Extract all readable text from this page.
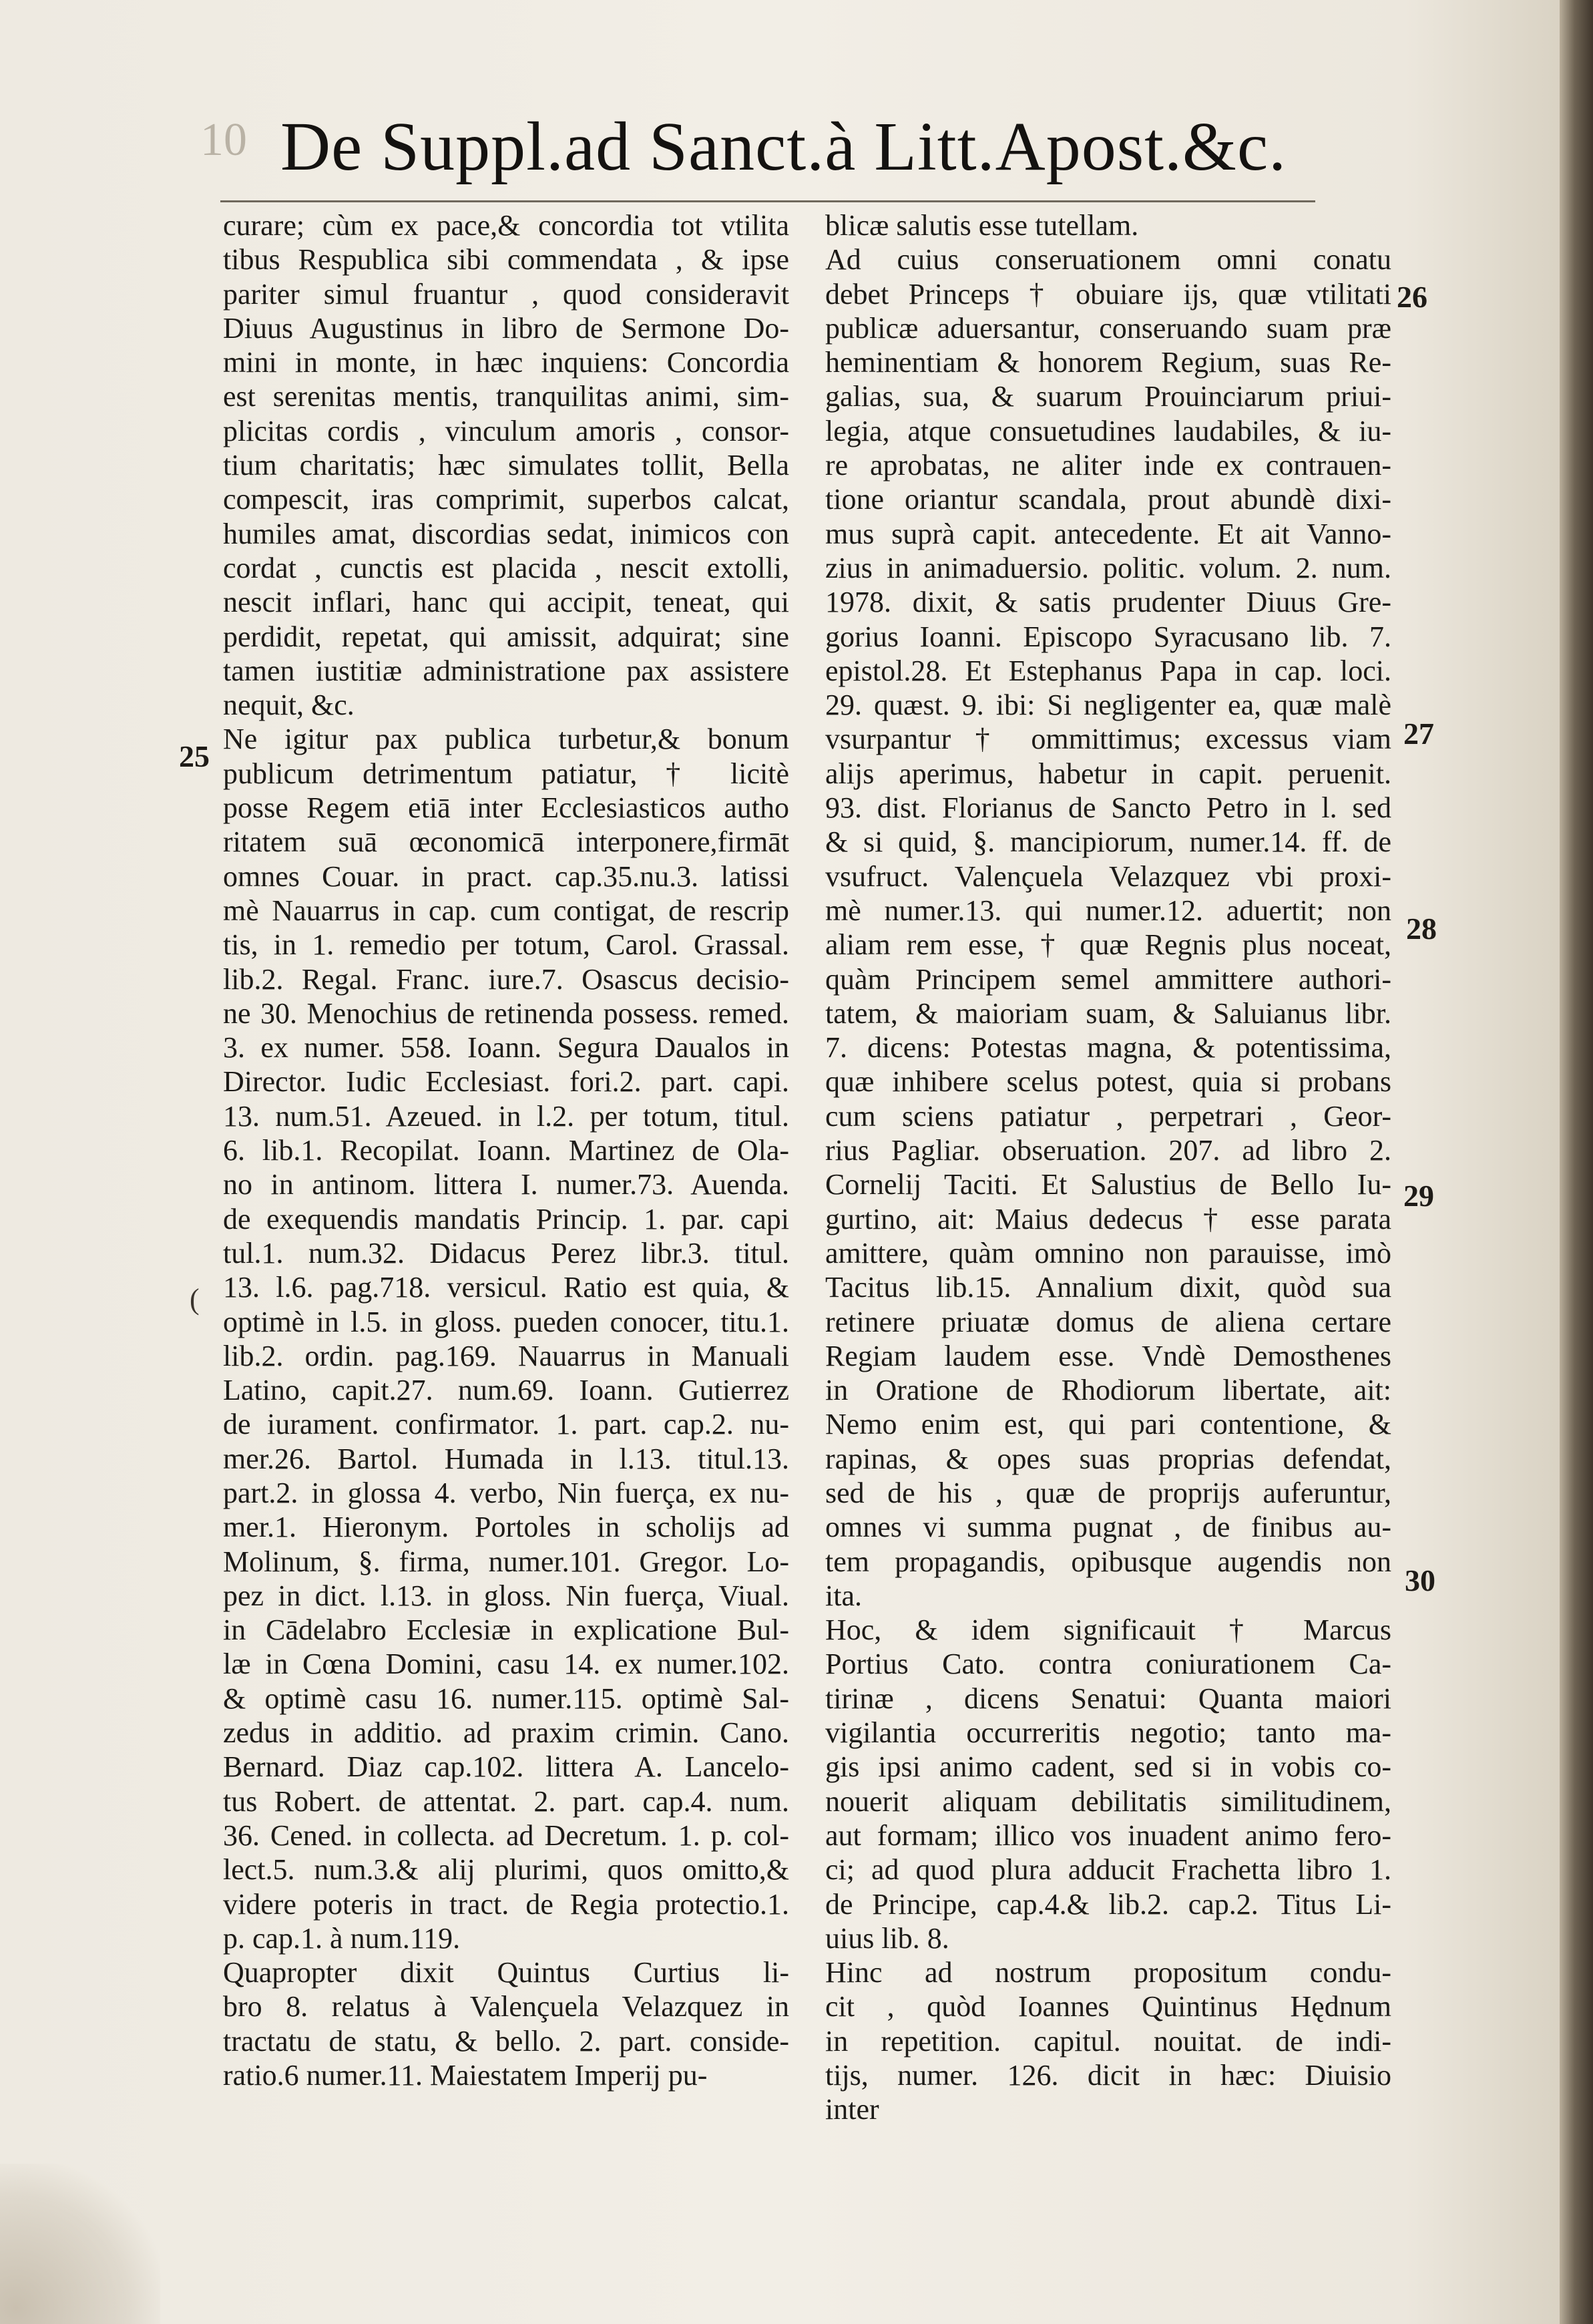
10 De Suppl.ad Sanct.à Litt.Apost.&c.
curare; cùm ex pace,& concordia tot vtilita
tibus Respublica sibi commendata , & ipse
pariter simul fruantur , quod consideravit
Diuus Augustinus in libro de Sermone Do-
mini in monte, in hæc inquiens: Concordia
est serenitas mentis, tranquilitas animi, sim-
plicitas cordis , vinculum amoris , consor-
tium charitatis; hæc simulates tollit, Bella
compescit, iras comprimit, superbos calcat,
humiles amat, discordias sedat, inimicos con
cordat , cunctis est placida , nescit extolli,
nescit inflari, hanc qui accipit, teneat, qui
perdidit, repetat, qui amissit, adquirat; sine
tamen iustitiæ administratione pax assistere
nequit, &c.
Ne igitur pax publica turbetur,& bonum
publicum detrimentum patiatur, † licitè
posse Regem etiā inter Ecclesiasticos autho
ritatem suā œconomicā interponere,firmāt
omnes Couar. in pract. cap.35.nu.3. latissi
mè Nauarrus in cap. cum contigat, de rescrip
tis, in 1. remedio per totum, Carol. Grassal.
lib.2. Regal. Franc. iure.7. Osascus decisio-
ne 30. Menochius de retinenda possess. remed.
3. ex numer. 558. Ioann. Segura Daualos in
Director. Iudic Ecclesiast. fori.2. part. capi.
13. num.51. Azeued. in l.2. per totum, titul.
6. lib.1. Recopilat. Ioann. Martinez de Ola-
no in antinom. littera I. numer.73. Auenda.
de exequendis mandatis Princip. 1. par. capi
tul.1. num.32. Didacus Perez libr.3. titul.
13. l.6. pag.718. versicul. Ratio est quia, &
optimè in l.5. in gloss. pueden conocer, titu.1.
lib.2. ordin. pag.169. Nauarrus in Manuali
Latino, capit.27. num.69. Ioann. Gutierrez
de iurament. confirmator. 1. part. cap.2. nu-
mer.26. Bartol. Humada in l.13. titul.13.
part.2. in glossa 4. verbo, Nin fuerça, ex nu-
mer.1. Hieronym. Portoles in scholijs ad
Molinum, §. firma, numer.101. Gregor. Lo-
pez in dict. l.13. in gloss. Nin fuerça, Viual.
in Cādelabro Ecclesiæ in explicatione Bul-
læ in Cœna Domini, casu 14. ex numer.102.
& optimè casu 16. numer.115. optimè Sal-
zedus in additio. ad praxim crimin. Cano.
Bernard. Diaz cap.102. littera A. Lancelo-
tus Robert. de attentat. 2. part. cap.4. num.
36. Cened. in collecta. ad Decretum. 1. p. col-
lect.5. num.3.& alij plurimi, quos omitto,&
videre poteris in tract. de Regia protectio.1.
p. cap.1. à num.119.
Quapropter dixit Quintus Curtius li-
bro 8. relatus à Valençuela Velazquez in
tractatu de statu, & bello. 2. part. conside-
ratio.6 numer.11. Maiestatem Imperij pu-
blicæ salutis esse tutellam.
Ad cuius conseruationem omni conatu
debet Princeps † obuiare ijs, quæ vtilitati
publicæ aduersantur, conseruando suam præ
heminentiam & honorem Regium, suas Re-
galias, sua, & suarum Prouinciarum priui-
legia, atque consuetudines laudabiles, & iu-
re aprobatas, ne aliter inde ex contrauen-
tione oriantur scandala, prout abundè dixi-
mus suprà capit. antecedente. Et ait Vanno-
zius in animaduersio. politic. volum. 2. num.
1978. dixit, & satis prudenter Diuus Gre-
gorius Ioanni. Episcopo Syracusano lib. 7.
epistol.28. Et Estephanus Papa in cap. loci.
29. quæst. 9. ibi: Si negligenter ea, quæ malè
vsurpantur † ommittimus; excessus viam
alijs aperimus, habetur in capit. peruenit.
93. dist. Florianus de Sancto Petro in l. sed
& si quid, §. mancipiorum, numer.14. ff. de
vsufruct. Valençuela Velazquez vbi proxi-
mè numer.13. qui numer.12. aduertit; non
aliam rem esse, † quæ Regnis plus noceat,
quàm Principem semel ammittere authori-
tatem, & maioriam suam, & Saluianus libr.
7. dicens: Potestas magna, & potentissima,
quæ inhibere scelus potest, quia si probans
cum sciens patiatur , perpetrari , Geor-
rius Pagliar. obseruation. 207. ad libro 2.
Cornelij Taciti. Et Salustius de Bello Iu-
gurtino, ait: Maius dedecus † esse parata
amittere, quàm omnino non parauisse, imò
Tacitus lib.15. Annalium dixit, quòd sua
retinere priuatæ domus de aliena certare
Regiam laudem esse. Vndè Demosthenes
in Oratione de Rhodiorum libertate, ait:
Nemo enim est, qui pari contentione, &
rapinas, & opes suas proprias defendat,
sed de his , quæ de proprijs auferuntur,
omnes vi summa pugnat , de finibus au-
tem propagandis, opibusque augendis non
ita.
Hoc, & idem significauit † Marcus
Portius Cato. contra coniurationem Ca-
tirinæ , dicens Senatui: Quanta maiori
vigilantia occurreritis negotio; tanto ma-
gis ipsi animo cadent, sed si in vobis co-
nouerit aliquam debilitatis similitudinem,
aut formam; illico vos inuadent animo fero-
ci; ad quod plura adducit Frachetta libro 1.
de Principe, cap.4.& lib.2. cap.2. Titus Li-
uius lib. 8.
Hinc ad nostrum propositum condu-
cit , quòd Ioannes Quintinus Hędnum
in repetition. capitul. nouitat. de indi-
tijs, numer. 126. dicit in hæc: Diuisio
inter
25
26
27
28
29
30
(
